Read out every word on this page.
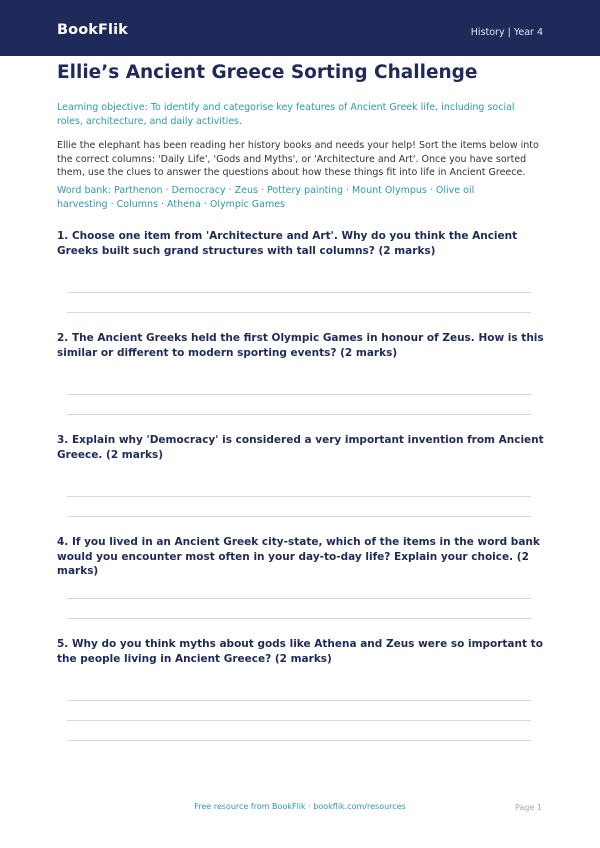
BookFlik	History | Year 4
Ellie’s Ancient Greece Sorting Challenge
Learning objective: To identify and categorise key features of Ancient Greek life, including social roles, architecture, and daily activities.
Ellie the elephant has been reading her history books and needs your help! Sort the items below into the correct columns: 'Daily Life', 'Gods and Myths', or 'Architecture and Art'. Once you have sorted them, use the clues to answer the questions about how these things fit into life in Ancient Greece.
Word bank: Parthenon · Democracy · Zeus · Pottery painting · Mount Olympus · Olive oil harvesting · Columns · Athena · Olympic Games
1. Choose one item from 'Architecture and Art'. Why do you think the Ancient Greeks built such grand structures with tall columns? (2 marks)
2. The Ancient Greeks held the first Olympic Games in honour of Zeus. How is this similar or different to modern sporting events? (2 marks)
3. Explain why 'Democracy' is considered a very important invention from Ancient Greece. (2 marks)
4. If you lived in an Ancient Greek city-state, which of the items in the word bank would you encounter most often in your day-to-day life? Explain your choice. (2 marks)
5. Why do you think myths about gods like Athena and Zeus were so important to the people living in Ancient Greece? (2 marks)
Free resource from BookFlik · bookflik.com/resources	Page 1
